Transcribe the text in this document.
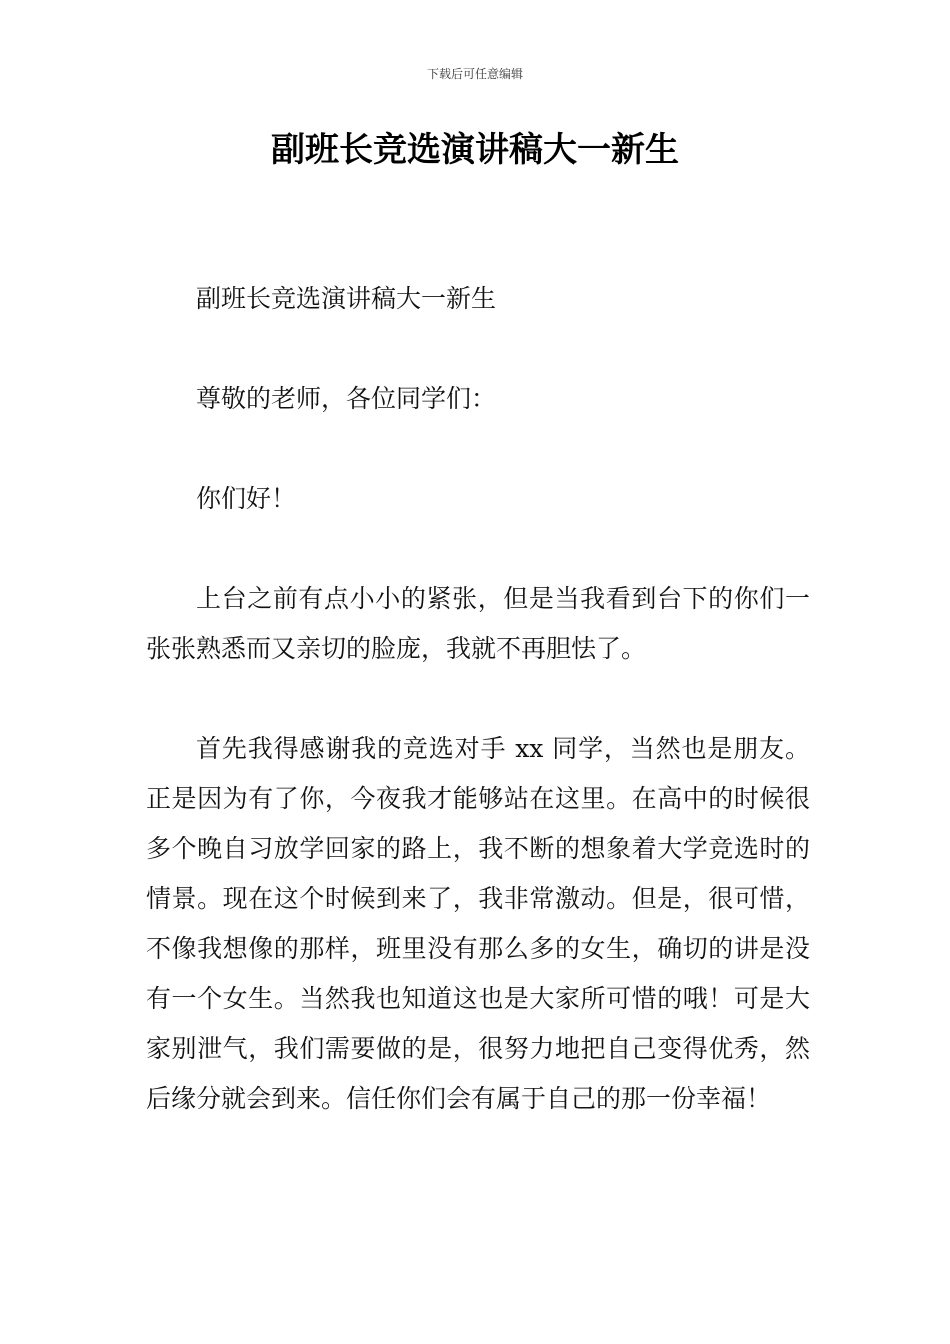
下载后可任意编辑
副班长竞选演讲稿大一新生

副班长竞选演讲稿大一新生

尊敬的老师，各位同学们：

你们好！

上台之前有点小小的紧张，但是当我看到台下的你们一张张熟悉而又亲切的脸庞，我就不再胆怯了。

首先我得感谢我的竞选对手 xx 同学，当然也是朋友。正是因为有了你，今夜我才能够站在这里。在高中的时候很多个晚自习放学回家的路上，我不断的想象着大学竞选时的情景。现在这个时候到来了，我非常激动。但是，很可惜，不像我想像的那样，班里没有那么多的女生，确切的讲是没有一个女生。当然我也知道这也是大家所可惜的哦！可是大家别泄气，我们需要做的是，很努力地把自己变得优秀，然后缘分就会到来。信任你们会有属于自己的那一份幸福！
